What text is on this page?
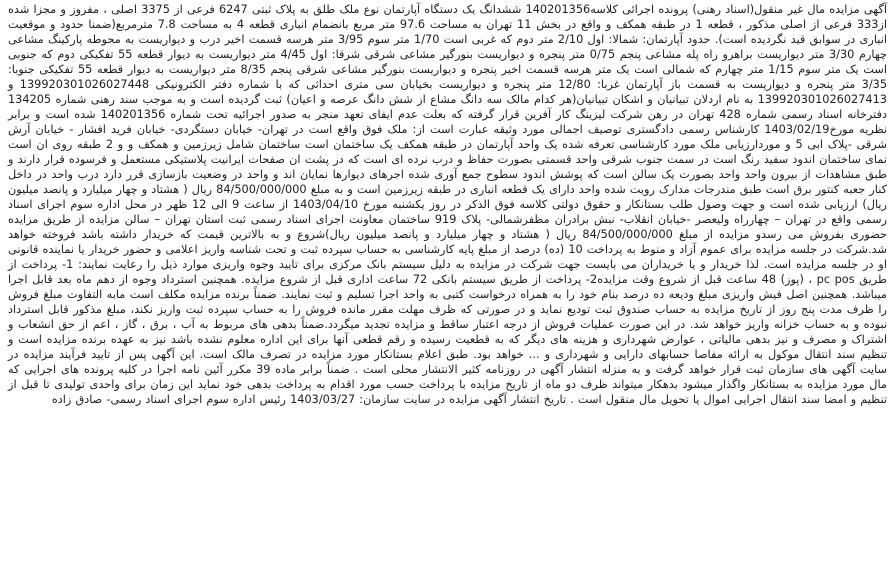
آگهی مزایده مال غیر منقول(اسناد رهنی) پرونده اجرائی کلاسه140201356 ششدانگ یک دستگاه آپارتمان نوع ملک طلق به پلاک ثبتی 6247 فرعی از 3375 اصلی ، مفروز و مجزا شده از333 فرعی از اصلی مذکور ، قطعه 1 در طبقه همکف و واقع در بخش 11 تهران به مساحت 97.6 متر مربع بانضمام انباری قطعه 4 به مساحت 7.8 مترمربع(ضمنا حدود و موقعیت انباری در سوابق قید نگردیده است). حدود آپارتمان: شمالا: اول 2/10 متر دوم که غربی است 1/70 متر سوم 3/95 متر هرسه قسمت اخیر درب و دیواریست به محوطه پارکینگ مشاعی چهارم 3/30 متر دیواریست براهرو راه پله مشاعی پنجم 0/75 متر پنجره و دیواریست بنورگیر مشاعی شرقی شرقا: اول 4/45 متر دیواریست به دیوار قطعه 55 تفکیکی دوم که جنوبی است یک متر سوم 1/15 متر چهارم که شمالی است یک متر هرسه قسمت اخیر پنجره و دیواریست بنورگیر مشاعی شرقی پنجم 8/35 متر دیواریست به دیوار قطعه 55 تفکیکی جنوبا: 3/35 متر پنجره و دیواریست به قسمت باز آپارتمان غربا: 12/80 متر پنجره و دیواریست بخیابان سی متری احداثی که با شماره دفتر الکترونیکی 139920301026027448 و 139920301026027413 به نام اردلان تبیانیان و اشکان تبیانیان(هر کدام مالک سه دانگ مشاع از شش دانگ عرصه و اعیان) ثبت گردیده است و به موجب سند رهنی شماره 134205 دفترخانه اسناد رسمی شماره 428 تهران در رهن شرکت لیزینگ کار آفرین قرار گرفته که بعلت عدم ایفای تعهد منجر به صدور اجرائیه تحت شماره 140201356 شده است و برابر نظریه مورخ1403/02/19 کارشناس رسمی دادگستری توصیف اجمالی مورد وثیقه عبارت است از: ملک فوق واقع است در تهران- خیابان دستگردی- خیابان فرید افشار - خیابان آرش شرقی -پلاک ابی 5 و موردارزیابی ملک مورد کارشناسی تعرفه شده یک واحد آپارتمان در طبقه همکف یک ساختمان است ساختمان شامل زیرزمین و همکف و و 2 طبقه روی ان است نمای ساختمان اندود سفید رنگ است در سمت جنوب شرقی واحد قسمتی بصورت حفاظ و درب نرده ای است که در پشت ان صفحات ایرانیت پلاستیکی مستعمل و فرسوده قرار دارند و طبق مشاهدات از بیرون واحد واحد بصورت یک سالن است که پوشش اندود سطوح جمع آوری شده اجرهای دیوارها نمایان اند و واحد در وضعیت بازسازی قرر دارد درب واحد در داخل کنار جعبه کنتور برق است طبق مندرجات مدارک رویت شده واحد دارای یک قطعه انباری در طبقه زیرزمین است و به مبلغ 84/500/000/000 ریال ( هشتاد و چهار میلیارد و پانصد میلیون ریال) ارزیابی شده است و جهت وصول طلب بستانکار و حقوق دولتی کلاسه فوق الذکر در روز یکشنبه مورخ 1403/04/10 از ساعت 9 الی 12 ظهر در محل اداره سوم اجرای اسناد رسمی واقع در تهران – چهارراه ولیعصر -خیابان انقلاب- نبش برادران مظفرشمالی- پلاک 919 ساختمان معاونت اجرای اسناد رسمی ثبت استان تهران – سالن مزایده از طریق مزایده حضوری بفروش می رسدو مزایده از مبلغ 84/500/000/000 ریال ( هشتاد و چهار میلیارد و پانصد میلیون ریال)شروع و به بالاترین قیمت که خریدار داشته باشد فروخته خواهد شد.شرکت در جلسه مزایده برای عموم آزاد و منوط به پرداخت 10 (ده) درصد از مبلغ پایه کارشناسی به حساب سپرده ثبت و تحت شناسه واریز اعلامی و حضور خریدار یا نماینده قانونی او در جلسه مزایده است. لذا خریدار و یا خریداران می بایست جهت شرکت در مزایده به دلیل سیستم بانک مرکزی برای تایید وجوه واریزی موارد ذیل را رعایت نمایند: 1- پرداخت از طریق pc pos ، (پوز) 48 ساعت قبل از شروع وقت مزایده2- پرداخت از طریق سیستم بانکی 72 ساعت اداری قبل از شروع مزایده. همچنین استرداد وجوه از دهم ماه بعد قابل اجرا میباشد. همچنین اصل فیش واریزی مبلغ ودیعه ده درصد بنام خود را به همراه درخواست کتبی به واحد اجرا تسلیم و ثبت نمایند. ضمناً برنده مزایده مکلف است مابه التفاوت مبلغ فروش را ظرف مدت پنج روز از تاریخ مزایده به حساب صندوق ثبت تودیع نماید و در صورتی که ظرف مهلت مقرر مانده فروش را به حساب سپرده ثبت واریز نکند، مبلغ مذکور قابل استرداد نبوده و به حساب خزانه واریز خواهد شد. در این صورت عملیات فروش از درجه اعتبار ساقط و مزایده تجدید میگردد.ضمناً بدهی های مربوط به آب ، برق ، گاز ، اعم از حق انشعاب و اشتراک و مصرف و نیز بدهی مالیاتی ، عوارض شهرداری و هزینه های دیگر که به قطعیت رسیده و رقم قطعی آنها برای این اداره معلوم نشده باشد نیز به عهده برنده مزایده است و تنظیم سند انتقال موکول به ارائه مفاصا حسابهای دارایی و شهرداری و ... خواهد بود. طبق اعلام بستانکار مورد مزایده در تصرف مالک است. این آگهی پس از تایید فرآیند مزایده در سایت آگهی های سازمان ثبت قرار خواهد گرفت و به منزله انتشار آگهی در روزنامه کثیر الانتشار محلی است . ضمناً برابر ماده 39 مکرر آئین نامه اجرا در کلیه پرونده های اجرایی که مال مورد مزایده به بستانکار واگذار میشود بدهکار میتواند ظرف دو ماه از تاریخ مزایده با پرداخت حسب مورد اقدام به پرداخت بدهی خود نماید این زمان برای واحدی تولیدی تا قبل از تنظیم و امضا سند انتقال اجرایی اموال یا تحویل مال منقول است . تاریخ انتشار آگهی مزایده در سایت سازمان: 1403/03/27 رئیس اداره سوم اجرای اسناد رسمی- صادق زاده
